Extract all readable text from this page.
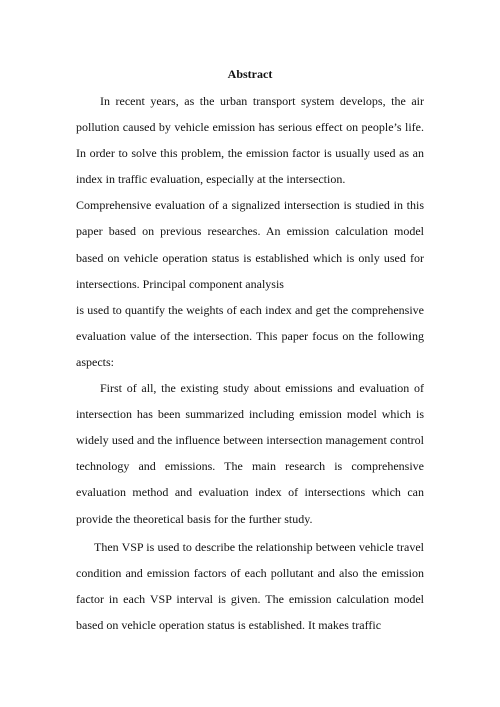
Abstract

In recent years, as the urban transport system develops, the air pollution caused by vehicle emission has serious effect on people’s life. In order to solve this problem, the emission factor is usually used as an index in traffic evaluation, especially at the intersection.

Comprehensive evaluation of a signalized intersection is studied in this paper based on previous researches. An emission calculation model based on vehicle operation status is established which is only used for intersections. Principal component analysis

is used to quantify the weights of each index and get the comprehensive evaluation value of the intersection. This paper focus on the following aspects:

First of all, the existing study about emissions and evaluation of intersection has been summarized including emission model which is widely used and the influence between intersection management control technology and emissions. The main research is comprehensive evaluation method and evaluation index of intersections which can provide the theoretical basis for the further study.

Then VSP is used to describe the relationship between vehicle travel condition and emission factors of each pollutant and also the emission factor in each VSP interval is given. The emission calculation model based on vehicle operation status is established. It makes traffic
